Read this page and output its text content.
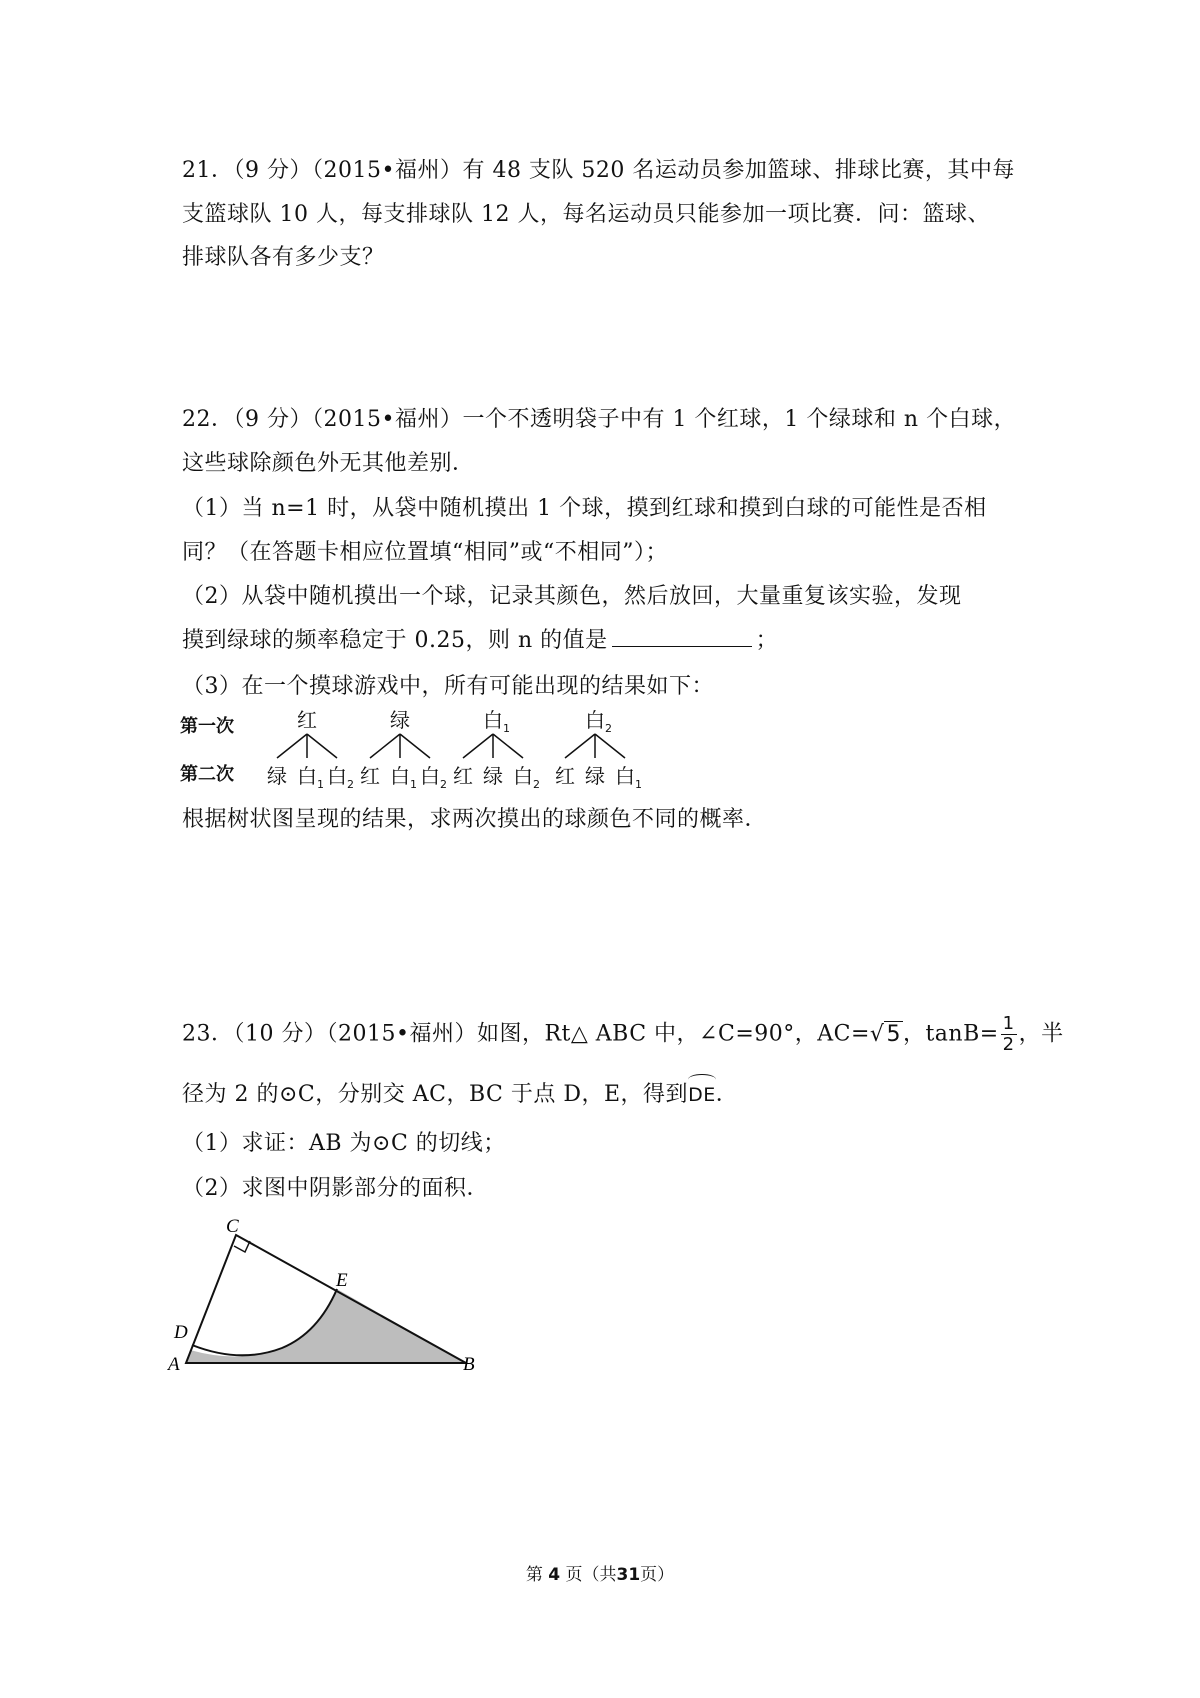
21．（9 分）（2015•福州）有 48 支队 520 名运动员参加篮球、排球比赛，其中每
支篮球队 10 人，每支排球队 12 人，每名运动员只能参加一项比赛．问：篮球、
排球队各有多少支？
22．（9 分）（2015•福州）一个不透明袋子中有 1 个红球，1 个绿球和 n 个白球，
这些球除颜色外无其他差别．
（1）当 n=1 时，从袋中随机摸出 1 个球，摸到红球和摸到白球的可能性是否相
同？（在答题卡相应位置填“相同”或“不相同”）；
（2）从袋中随机摸出一个球，记录其颜色，然后放回，大量重复该实验，发现
摸到绿球的频率稳定于 0.25，则 n 的值是	；
（3）在一个摸球游戏中，所有可能出现的结果如下：
第一次
第二次
红
绿 白$_1$ 白$_2$
绿
红 白$_1$ 白$_2$
白$_1$
红 绿 白$_2$
白$_2$
红 绿 白$_1$
根据树状图呈现的结果，求两次摸出的球颜色不同的概率．
23．（10 分）（2015•福州）如图，Rt△ ABC 中，∠C=90°，AC=√5，$\tan B= \frac{1}{2}$ ，半
径为 2 的⊙C，分别交 AC，BC 于点 D，E，得到DE．
（1）求证：AB 为⊙C 的切线；
（2）求图中阴影部分的面积．
C
E
D
A	B
第 4 页（共31页）
